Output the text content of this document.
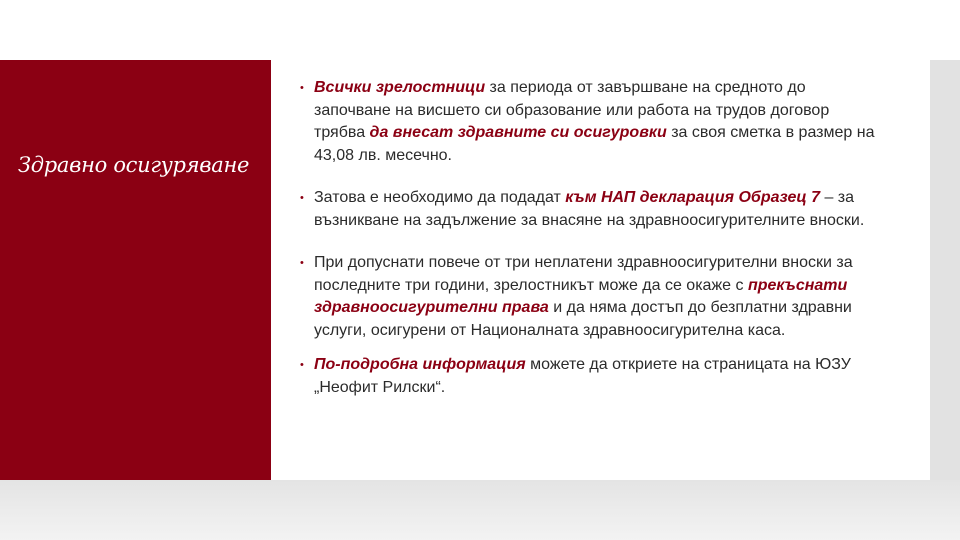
Здравно осигуряване
• Всички зрелостници за периода от завършване на средното до започване на висшето си образование или работа на трудов договор трябва да внесат здравните си осигуровки за своя сметка в размер на 43,08 лв. месечно.
• Затова е необходимо да подадат към НАП декларация Образец 7 – за възникване на задължение за внасяне на здравноосигурителните вноски.
• При допуснати повече от три неплатени здравноосигурителни вноски за последните три години, зрелостникът може да се окаже с прекъснати здравноосигурителни права и да няма достъп до безплатни здравни услуги, осигурени от Националната здравноосигурителна каса.
• По-подробна информация можете да откриете на страницата на ЮЗУ „Неофит Рилски“.
